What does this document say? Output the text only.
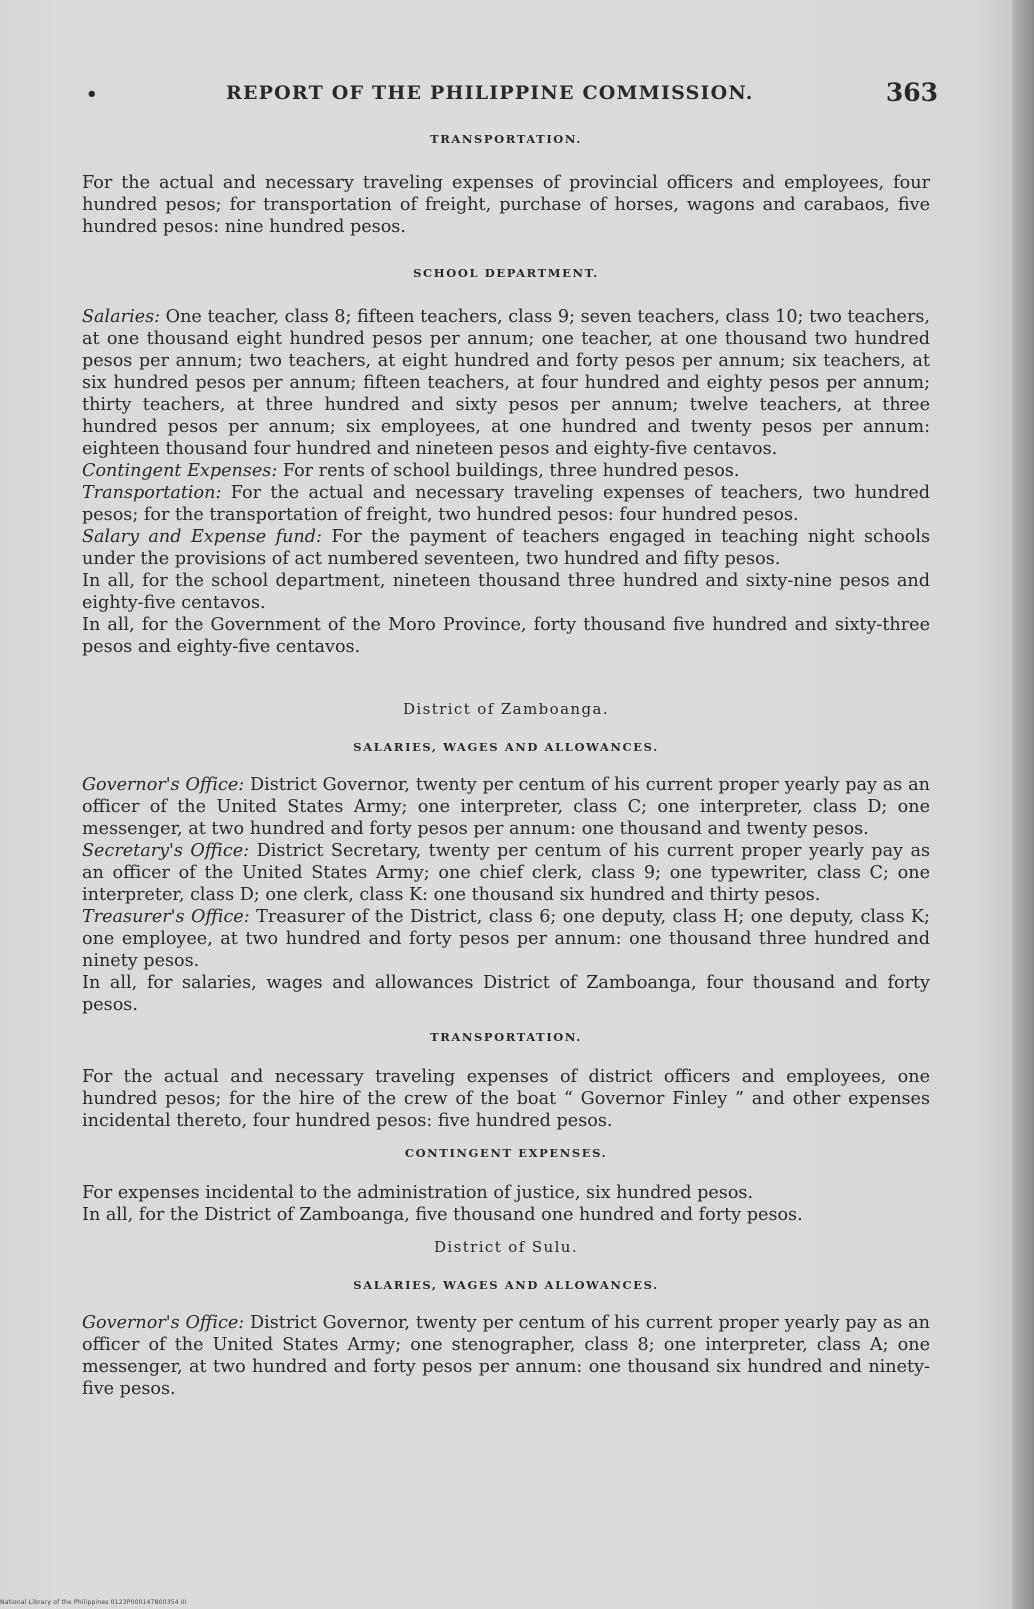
•	REPORT OF THE PHILIPPINE COMMISSION.	363

TRANSPORTATION.

For the actual and necessary traveling expenses of provincial officers and employees, four hundred pesos; for transportation of freight, purchase of horses, wagons and carabaos, five hundred pesos: nine hundred pesos.

SCHOOL DEPARTMENT.

Salaries: One teacher, class 8; fifteen teachers, class 9; seven teachers, class 10; two teachers, at one thousand eight hundred pesos per annum; one teacher, at one thousand two hundred pesos per annum; two teachers, at eight hundred and forty pesos per annum; six teachers, at six hundred pesos per annum; fifteen teachers, at four hundred and eighty pesos per annum; thirty teachers, at three hundred and sixty pesos per annum; twelve teachers, at three hundred pesos per annum; six employees, at one hundred and twenty pesos per annum: eighteen thousand four hundred and nineteen pesos and eighty-five centavos.

Contingent Expenses: For rents of school buildings, three hundred pesos.

Transportation: For the actual and necessary traveling expenses of teachers, two hundred pesos; for the transportation of freight, two hundred pesos: four hundred pesos.

Salary and Expense fund: For the payment of teachers engaged in teaching night schools under the provisions of act numbered seventeen, two hundred and fifty pesos.

In all, for the school department, nineteen thousand three hundred and sixty-nine pesos and eighty-five centavos.

In all, for the Government of the Moro Province, forty thousand five hundred and sixty-three pesos and eighty-five centavos.

District of Zamboanga.

SALARIES, WAGES AND ALLOWANCES.

Governor's Office: District Governor, twenty per centum of his current proper yearly pay as an officer of the United States Army; one interpreter, class C; one interpreter, class D; one messenger, at two hundred and forty pesos per annum: one thousand and twenty pesos.

Secretary's Office: District Secretary, twenty per centum of his current proper yearly pay as an officer of the United States Army; one chief clerk, class 9; one typewriter, class C; one interpreter, class D; one clerk, class K: one thousand six hundred and thirty pesos.

Treasurer's Office: Treasurer of the District, class 6; one deputy, class H; one deputy, class K; one employee, at two hundred and forty pesos per annum: one thousand three hundred and ninety pesos.

In all, for salaries, wages and allowances District of Zamboanga, four thousand and forty pesos.

TRANSPORTATION.

For the actual and necessary traveling expenses of district officers and employees, one hundred pesos; for the hire of the crew of the boat “ Governor Finley ” and other expenses incidental thereto, four hundred pesos: five hundred pesos.

CONTINGENT EXPENSES.

For expenses incidental to the administration of justice, six hundred pesos.

In all, for the District of Zamboanga, five thousand one hundred and forty pesos.

District of Sulu.

SALARIES, WAGES AND ALLOWANCES.

Governor's Office: District Governor, twenty per centum of his current proper yearly pay as an officer of the United States Army; one stenographer, class 8; one interpreter, class A; one messenger, at two hundred and forty pesos per annum: one thousand six hundred and ninety-five pesos.

National Library of the Philippines 0123P000147800354 III
